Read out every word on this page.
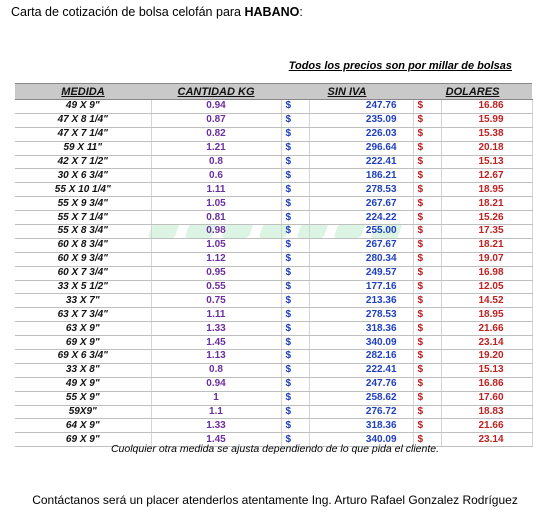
Carta de cotización de bolsa celofán para HABANO:
Todos los precios son por millar de bolsas
MEDIDA	CANTIDAD KG	SIN IVA		DOLARES	
49 X 9"	0.94	$	247.76	$	16.86
47 X 8 1/4"	0.87	$	235.09	$	15.99
47 X 7 1/4"	0.82	$	226.03	$	15.38
59 X 11"	1.21	$	296.64	$	20.18
42 X 7 1/2"	0.8	$	222.41	$	15.13
30 X 6 3/4"	0.6	$	186.21	$	12.67
55 X 10 1/4"	1.11	$	278.53	$	18.95
55 X 9 3/4"	1.05	$	267.67	$	18.21
55 X 7 1/4"	0.81	$	224.22	$	15.26
55 X 8 3/4"	0.98	$	255.00	$	17.35
60 X 8 3/4"	1.05	$	267.67	$	18.21
60 X 9 3/4"	1.12	$	280.34	$	19.07
60 X 7 3/4"	0.95	$	249.57	$	16.98
33 X 5 1/2"	0.55	$	177.16	$	12.05
33 X 7"	0.75	$	213.36	$	14.52
63 X 7 3/4"	1.11	$	278.53	$	18.95
63 X 9"	1.33	$	318.36	$	21.66
69 X 9"	1.45	$	340.09	$	23.14
69 X 6 3/4"	1.13	$	282.16	$	19.20
33 X 8"	0.8	$	222.41	$	15.13
49 X 9"	0.94	$	247.76	$	16.86
55 X 9"	1	$	258.62	$	17.60
59X9"	1.1	$	276.72	$	18.83
64 X 9"	1.33	$	318.36	$	21.66
69 X 9"	1.45	$	340.09	$	23.14
Cuolquier otra medida se ajusta dependiendo de lo que pida el cliente.
Contáctanos será un placer atenderlos atentamente Ing. Arturo Rafael Gonzalez Rodríguez
